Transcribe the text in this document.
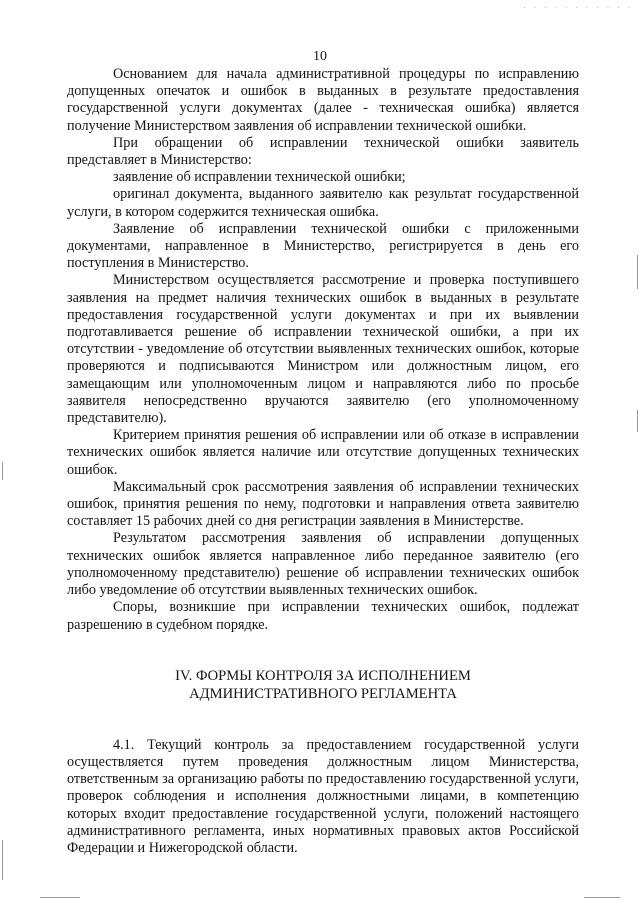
. . . . . . . . . . .
10

Основанием для начала административной процедуры по исправлению допущенных опечаток и ошибок в выданных в результате предоставления государственной услуги документах (далее - техническая ошибка) является получение Министерством заявления об исправлении технической ошибки.

При обращении об исправлении технической ошибки заявитель представляет в Министерство:

заявление об исправлении технической ошибки;

оригинал документа, выданного заявителю как результат государственной услуги, в котором содержится техническая ошибка.

Заявление об исправлении технической ошибки с приложенными документами, направленное в Министерство, регистрируется в день его поступления в Министерство.

Министерством осуществляется рассмотрение и проверка поступившего заявления на предмет наличия технических ошибок в выданных в результате предоставления государственной услуги документах и при их выявлении подготавливается решение об исправлении технической ошибки, а при их отсутствии - уведомление об отсутствии выявленных технических ошибок, которые проверяются и подписываются Министром или должностным лицом, его замещающим или уполномоченным лицом и направляются либо по просьбе заявителя непосредственно вручаются заявителю (его уполномоченному представителю).

Критерием принятия решения об исправлении или об отказе в исправлении технических ошибок является наличие или отсутствие допущенных технических ошибок.

Максимальный срок рассмотрения заявления об исправлении технических ошибок, принятия решения по нему, подготовки и направления ответа заявителю составляет 15 рабочих дней со дня регистрации заявления в Министерстве.

Результатом рассмотрения заявления об исправлении допущенных технических ошибок является направленное либо переданное заявителю (его уполномоченному представителю) решение об исправлении технических ошибок либо уведомление об отсутствии выявленных технических ошибок.

Споры, возникшие при исправлении технических ошибок, подлежат разрешению в судебном порядке.

IV. ФОРМЫ КОНТРОЛЯ ЗА ИСПОЛНЕНИЕМ
АДМИНИСТРАТИВНОГО РЕГЛАМЕНТА

4.1. Текущий контроль за предоставлением государственной услуги осуществляется путем проведения должностным лицом Министерства, ответственным за организацию работы по предоставлению государственной услуги, проверок соблюдения и исполнения должностными лицами, в компетенцию которых входит предоставление государственной услуги, положений настоящего административного регламента, иных нормативных правовых актов Российской Федерации и Нижегородской области.
